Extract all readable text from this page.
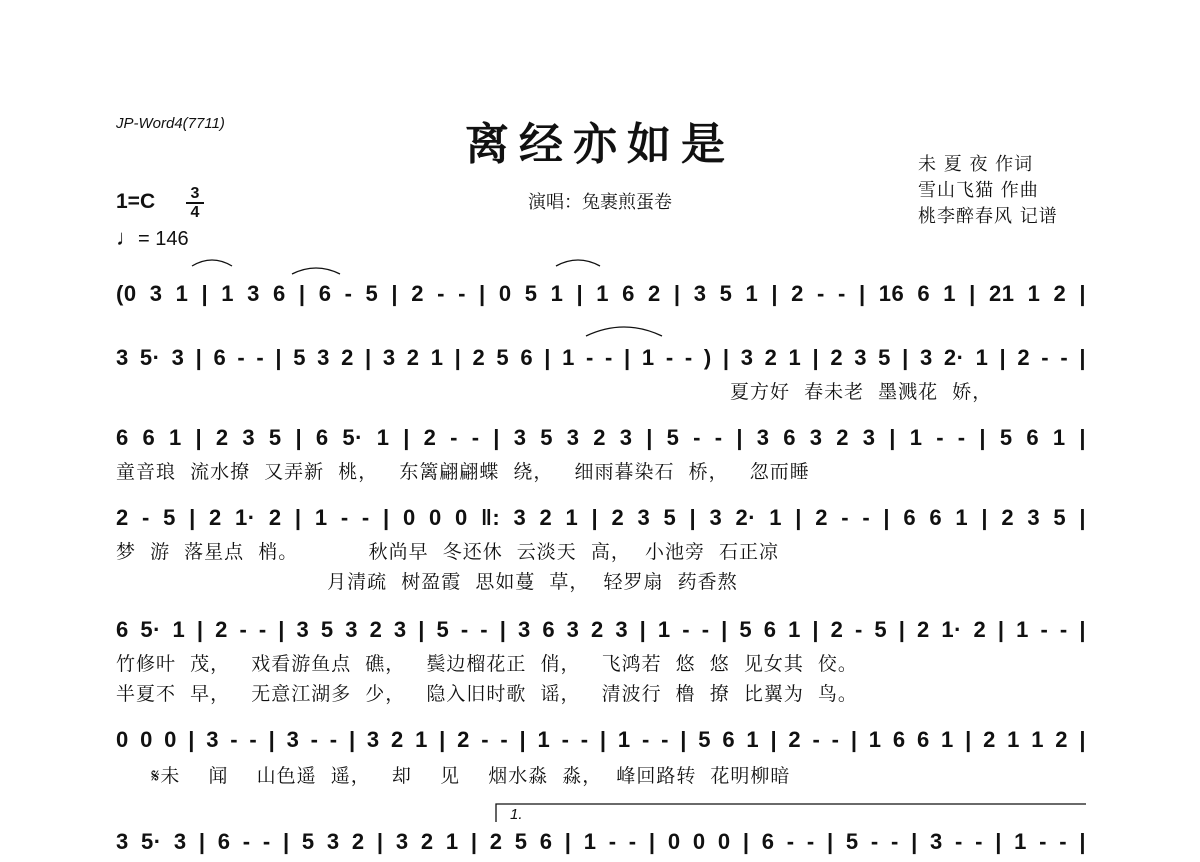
JP-Word4(7711)	离经亦如是
演唱：兔裹煎蛋卷
未 夏 夜 作词
雪山飞猫 作曲
桃李醉春风 记谱
1=C 3
4
♩= 146
(0 3 1 | 1 3 6 | 6 - 5 | 2 - - | 0 5 1 | 1 6 2 | 3 5 1 | 2 - - | 16 6 1 | 21 1 2 |
3 5· 3 | 6 - - | 5 3 2 | 3 2 1 | 2 5 6 | 1 - - | 1 - - ) | 3 2 1 | 2 3 5 | 3 2· 1 | 2 - - |
夏方好  春未老  墨溅花  娇，
6 6 1 | 2 3 5 | 6 5· 1 | 2 - - | 3 5 3 2 3 | 5 - - | 3 6 3 2 3 | 1 - - | 5 6 1 |
童音琅  流水撩  又弄新  桃，   东篱翩翩蝶  绕，   细雨暮染石  桥，   忽而睡
2 - 5 | 2 1· 2 | 1 - - | 0 0 0 ‖: 3 2 1 | 2 3 5 | 3 2· 1 | 2 - - | 6 6 1 | 2 3 5 |
梦  游  落星点  梢。          秋尚早  冬还休  云淡天  高，  小池旁  石正凉
月清疏  树盈霞  思如蔓  草，  轻罗扇  药香熬
6 5· 1 | 2 - - | 3 5 3 2 3 | 5 - - | 3 6 3 2 3 | 1 - - | 5 6 1 | 2 - 5 | 2 1· 2 | 1 - - |
竹修叶  茂，   戏看游鱼点  礁，   鬓边榴花正  俏，   飞鸿若  悠  悠  见女其  佼。
半夏不  早，   无意江湖多  少，   隐入旧时歌  谣，   清波行  橹  撩  比翼为  鸟。
0 0 0 | 3 - - | 3 - - | 3 2 1 | 2 - - | 1 - - | 1 - - | 5 6 1 | 2 - - | 1 6 6 1 | 2 1 1 2 |
𝄋未    闻    山色遥  遥，   却    见    烟水淼  淼，  峰回路转  花明柳暗
1.
3 5· 3 | 6 - - | 5 3 2 | 3 2 1 | 2 5 6 | 1 - - | 0 0 0 | 6 - - | 5 - - | 3 - - | 1 - - |
